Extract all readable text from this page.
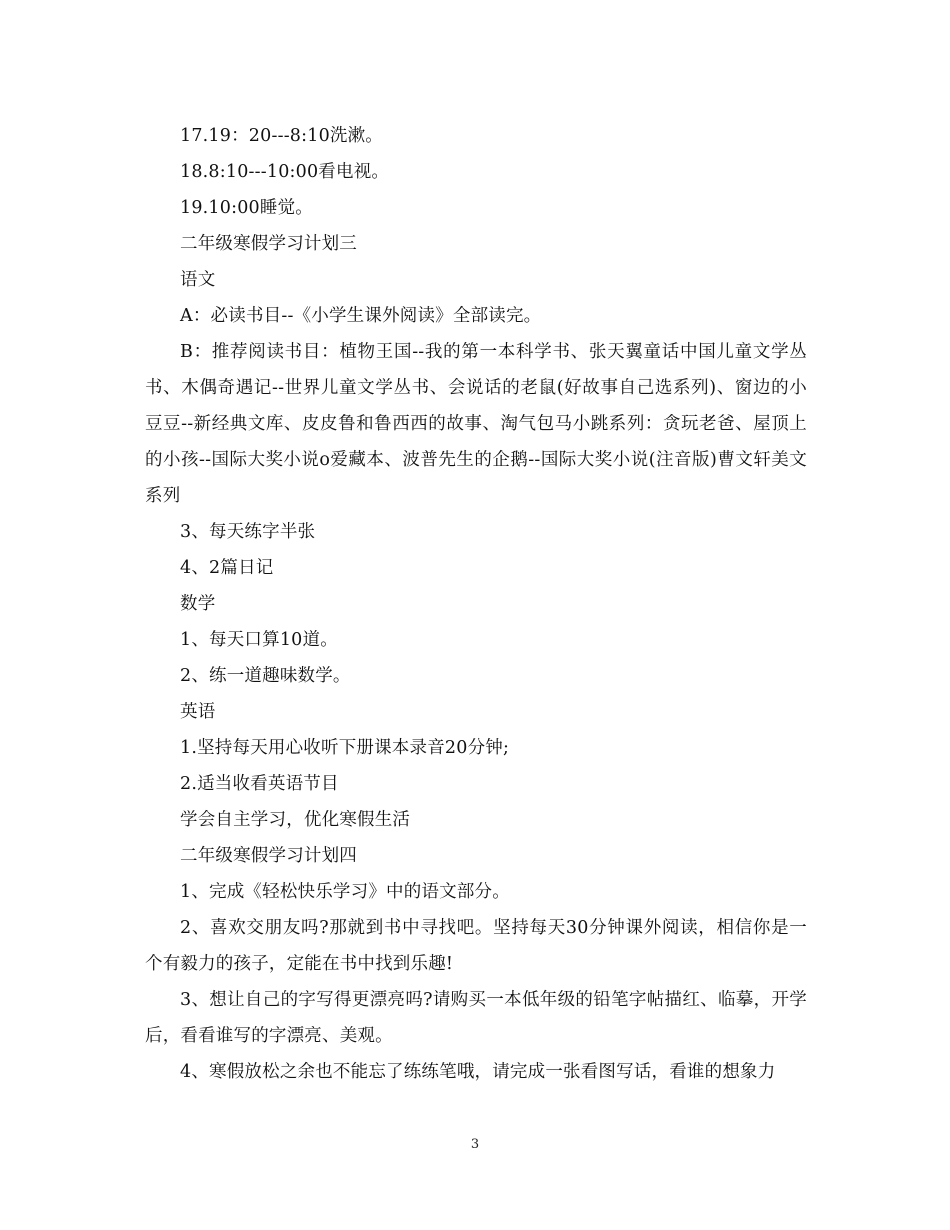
17.19：20---8:10洗漱。

18.8:10---10:00看电视。

19.10:00睡觉。

二年级寒假学习计划三

语文

A：必读书目--《小学生课外阅读》全部读完。

B：推荐阅读书目：植物王国--我的第一本科学书、张天翼童话中国儿童文学丛书、木偶奇遇记--世界儿童文学丛书、会说话的老鼠(好故事自己选系列)、窗边的小豆豆--新经典文库、皮皮鲁和鲁西西的故事、淘气包马小跳系列：贪玩老爸、屋顶上的小孩--国际大奖小说o爱藏本、波普先生的企鹅--国际大奖小说(注音版)曹文轩美文系列

3、每天练字半张

4、2篇日记

数学

1、每天口算10道。

2、练一道趣味数学。

英语

1.坚持每天用心收听下册课本录音20分钟;

2.适当收看英语节目

学会自主学习，优化寒假生活

二年级寒假学习计划四

1、完成《轻松快乐学习》中的语文部分。

2、喜欢交朋友吗?那就到书中寻找吧。坚持每天30分钟课外阅读，相信你是一个有毅力的孩子，定能在书中找到乐趣!

3、想让自己的字写得更漂亮吗?请购买一本低年级的铅笔字帖描红、临摹，开学后，看看谁写的字漂亮、美观。

4、寒假放松之余也不能忘了练练笔哦，请完成一张看图写话，看谁的想象力

3
